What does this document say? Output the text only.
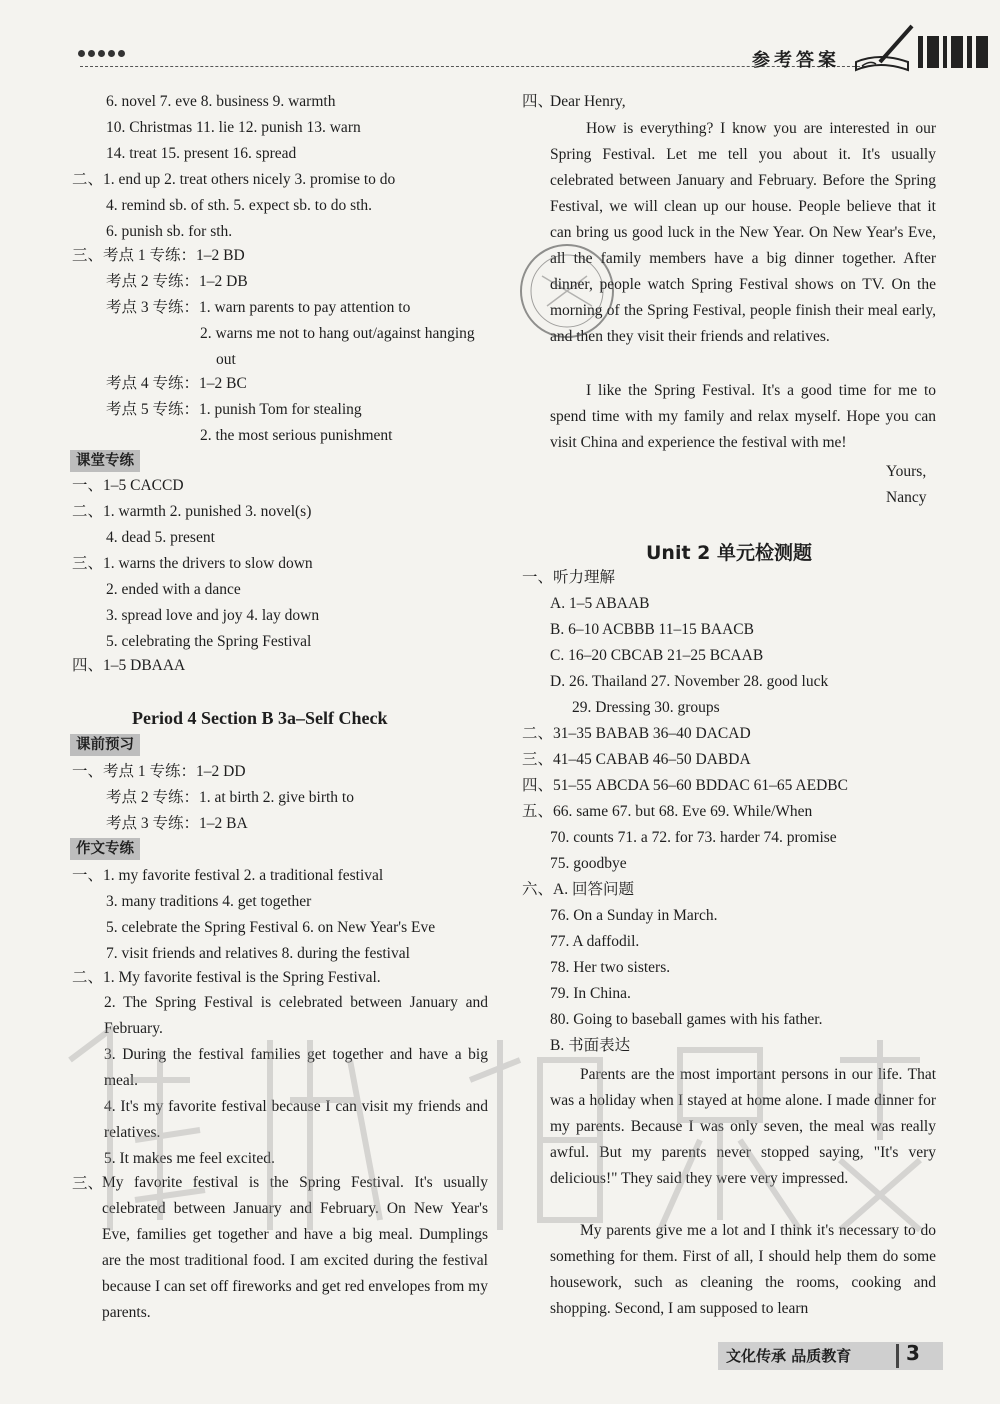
参考答案
6. novel 7. eve 8. business 9. warmth
10. Christmas 11. lie 12. punish 13. warn
14. treat 15. present 16. spread
二、1. end up 2. treat others nicely 3. promise to do
4. remind sb. of sth. 5. expect sb. to do sth.
6. punish sb. for sth.
三、考点 1 专练：1–2 BD
考点 2 专练：1–2 DB
考点 3 专练：1. warn parents to pay attention to
2. warns me not to hang out/against hanging
out
考点 4 专练：1–2 BC
考点 5 专练：1. punish Tom for stealing
2. the most serious punishment
课堂专练
一、1–5 CACCD
二、1. warmth 2. punished 3. novel(s)
4. dead 5. present
三、1. warns the drivers to slow down
2. ended with a dance
3. spread love and joy 4. lay down
5. celebrating the Spring Festival
四、1–5 DBAAA
Period 4 Section B 3a–Self Check
课前预习
一、考点 1 专练：1–2 DD
考点 2 专练：1. at birth 2. give birth to
考点 3 专练：1–2 BA
作文专练
一、1. my favorite festival 2. a traditional festival
3. many traditions 4. get together
5. celebrate the Spring Festival 6. on New Year's Eve
7. visit friends and relatives 8. during the festival
二、1. My favorite festival is the Spring Festival.
2. The Spring Festival is celebrated between January and February.
3. During the festival families get together and have a big meal.
4. It's my favorite festival because I can visit my friends and relatives.
5. It makes me feel excited.
三、
My favorite festival is the Spring Festival. It's usually celebrated between January and February. On New Year's Eve, families get together and have a big meal. Dumplings are the most traditional food. I am excited during the festival because I can set off fireworks and get red envelopes from my parents.
四、
Dear Henry,
How is everything? I know you are interested in our Spring Festival. Let me tell you about it. It's usually celebrated between January and February. Before the Spring Festival, we will clean up our house. People believe that it can bring us good luck in the New Year. On New Year's Eve, all the family members have a big dinner together. After dinner, people watch Spring Festival shows on TV. On the morning of the Spring Festival, people finish their meal early, and then they visit their friends and relatives.
I like the Spring Festival. It's a good time for me to spend time with my family and relax myself. Hope you can visit China and experience the festival with me!
Yours,
Nancy
Unit 2 单元检测题
一、听力理解
A. 1–5 ABAAB
B. 6–10 ACBBB 11–15 BAACB
C. 16–20 CBCAB 21–25 BCAAB
D. 26. Thailand 27. November 28. good luck
29. Dressing 30. groups
二、31–35 BABAB 36–40 DACAD
三、41–45 CABAB 46–50 DABDA
四、51–55 ABCDA 56–60 BDDAC 61–65 AEDBC
五、66. same 67. but 68. Eve 69. While/When
70. counts 71. a 72. for 73. harder 74. promise
75. goodbye
六、A. 回答问题
76. On a Sunday in March.
77. A daffodil.
78. Her two sisters.
79. In China.
80. Going to baseball games with his father.
B. 书面表达
Parents are the most important persons in our life. That was a holiday when I stayed at home alone. I made dinner for my parents. Because I was only seven, the meal was really awful. But my parents never stopped saying, "It's very delicious!" They said they were very impressed.
My parents give me a lot and I think it's necessary to do something for them. First of all, I should help them do some housework, such as cleaning the rooms, cooking and shopping. Second, I am supposed to learn
文化传承 品质教育	3
